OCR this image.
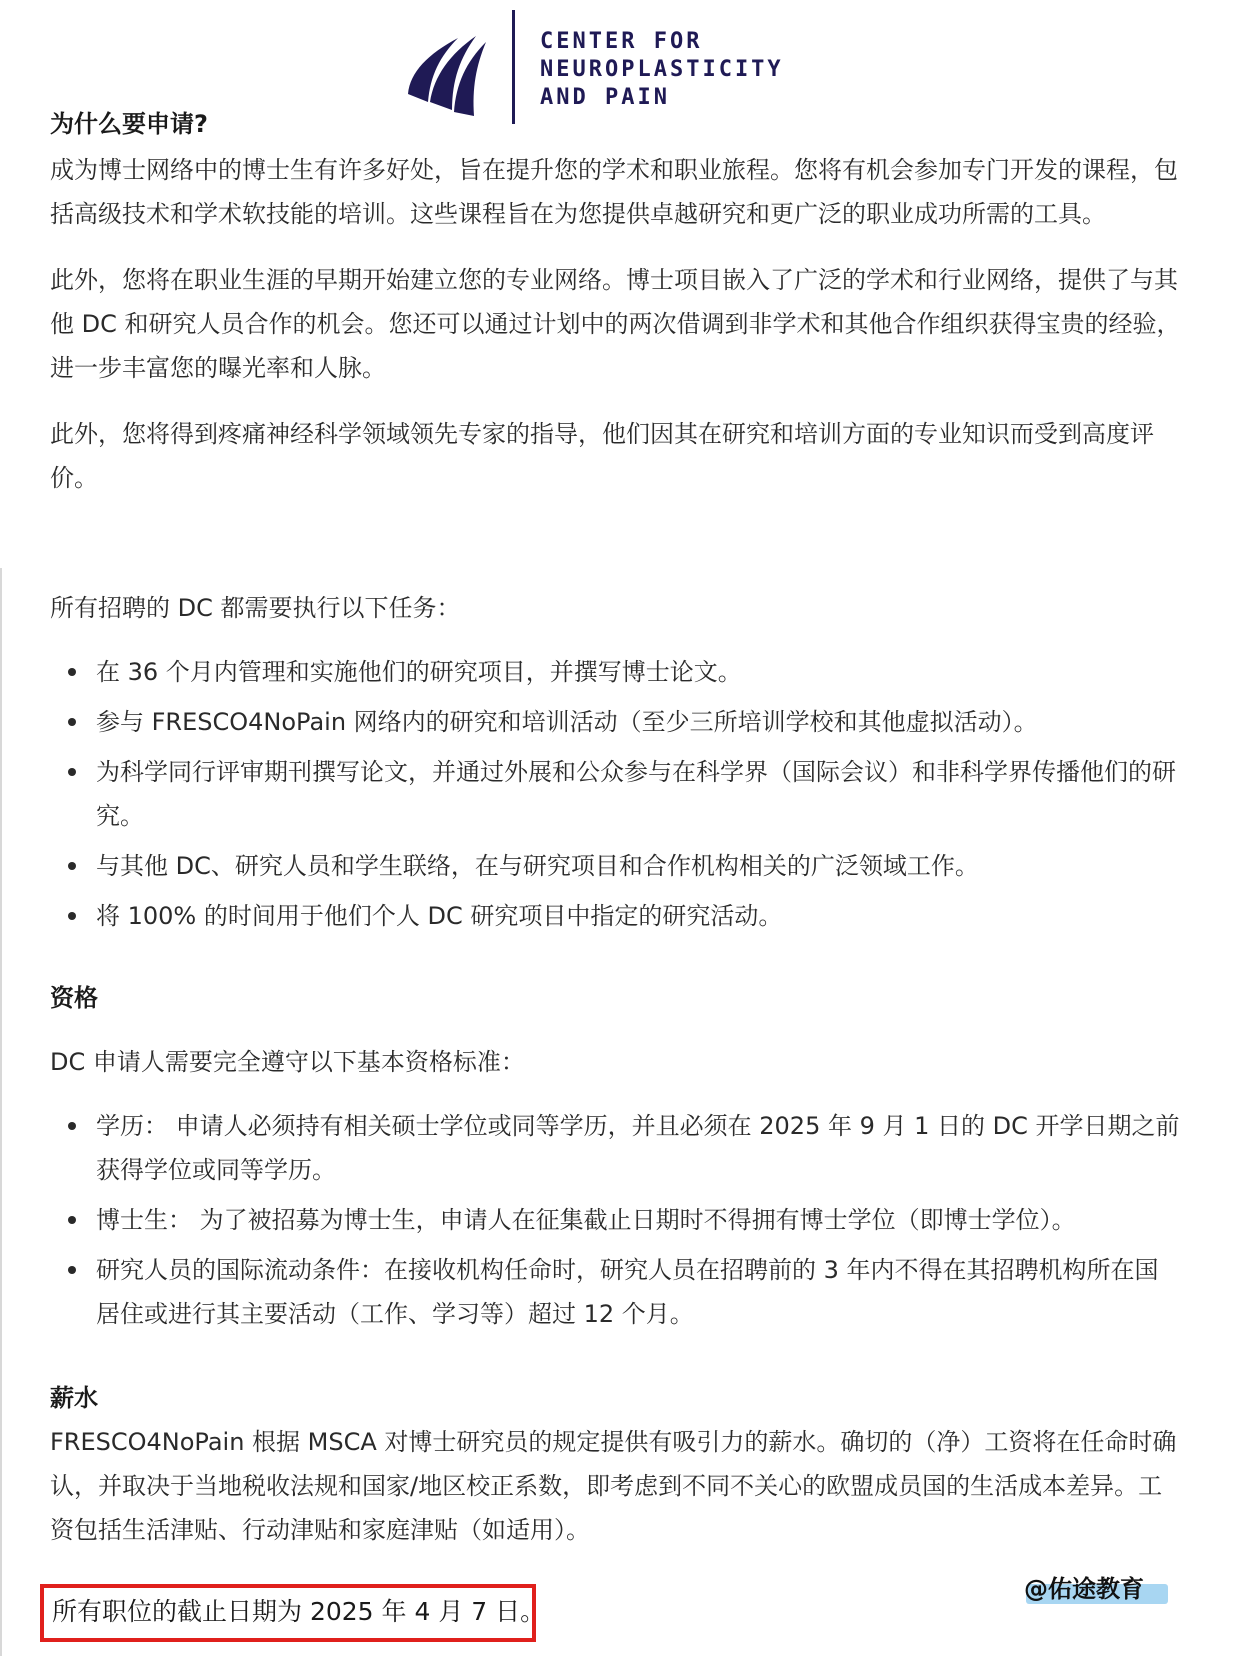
CENTER FOR
NEUROPLASTICITY
AND PAIN

为什么要申请?

成为博士网络中的博士生有许多好处，旨在提升您的学术和职业旅程。您将有机会参加专门开发的课程，包括高级技术和学术软技能的培训。这些课程旨在为您提供卓越研究和更广泛的职业成功所需的工具。

此外，您将在职业生涯的早期开始建立您的专业网络。博士项目嵌入了广泛的学术和行业网络，提供了与其他 DC 和研究人员合作的机会。您还可以通过计划中的两次借调到非学术和其他合作组织获得宝贵的经验，进一步丰富您的曝光率和人脉。

此外，您将得到疼痛神经科学领域领先专家的指导，他们因其在研究和培训方面的专业知识而受到高度评价。

所有招聘的 DC 都需要执行以下任务：

在 36 个月内管理和实施他们的研究项目，并撰写博士论文。
参与 FRESCO4NoPain 网络内的研究和培训活动（至少三所培训学校和其他虚拟活动）。
为科学同行评审期刊撰写论文，并通过外展和公众参与在科学界（国际会议）和非科学界传播他们的研究。
与其他 DC、研究人员和学生联络，在与研究项目和合作机构相关的广泛领域工作。
将 100% 的时间用于他们个人 DC 研究项目中指定的研究活动。

资格

DC 申请人需要完全遵守以下基本资格标准：

学历： 申请人必须持有相关硕士学位或同等学历，并且必须在 2025 年 9 月 1 日的 DC 开学日期之前获得学位或同等学历。
博士生： 为了被招募为博士生，申请人在征集截止日期时不得拥有博士学位（即博士学位）。
研究人员的国际流动条件：在接收机构任命时，研究人员在招聘前的 3 年内不得在其招聘机构所在国居住或进行其主要活动（工作、学习等）超过 12 个月。

薪水

FRESCO4NoPain 根据 MSCA 对博士研究员的规定提供有吸引力的薪水。确切的（净）工资将在任命时确认，并取决于当地税收法规和国家/地区校正系数，即考虑到不同不关心的欧盟成员国的生活成本差异。工资包括生活津贴、行动津贴和家庭津贴（如适用）。

所有职位的截止日期为 2025 年 4 月 7 日。
@佑途教育
